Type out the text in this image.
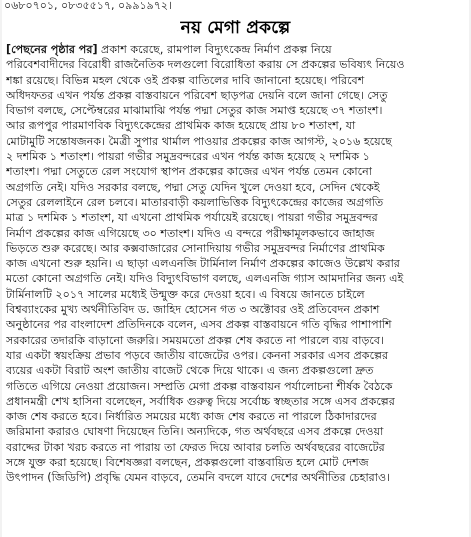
০৬৮০৭০১, ০৮৩৫৫১৭, ০৯৯১৯৭২।
নয় মেগা প্রকল্পে
[পেছনের পৃষ্ঠার পর] প্রকাশ করেছে, রামপাল বিদ্যুৎকেন্দ্র নির্মাণ প্রকল্প নিয়ে
পরিবেশবাদীদের বিরোধী রাজনৈতিক দলগুলো বিরোধিতা করায় সে প্রকল্পের ভবিষ্যৎ নিয়েও
শঙ্কা রয়েছে। বিভিন্ন মহল থেকে ওই প্রকল্প বাতিলের দাবি জানানো হয়েছে। পরিবেশ
অধিদফতর এখন পর্যন্ত প্রকল্প বাস্তবায়নে পরিবেশ ছাড়পত্র দেয়নি বলে জানা গেছে। সেতু
বিভাগ বলছে, সেপ্টেম্বরের মাঝামাঝি পর্যন্ত পদ্মা সেতুর কাজ সমাপ্ত হয়েছে ৩৭ শতাংশ।
আর রূপপুর পারমাণবিক বিদ্যুৎকেন্দ্রের প্রাথমিক কাজ হয়েছে প্রায় ৮০ শতাংশ, যা
মোটামুটি সন্তোষজনক। মৈত্রী সুপার থার্মাল পাওয়ার প্রকল্পের কাজ আগস্ট, ২০১৬ হয়েছে
২ দশমিক ১ শতাংশ। পায়রা গভীর সমুদ্রবন্দরের এখন পর্যন্ত কাজ হয়েছে ২ দশমিক ১
শতাংশ। পদ্মা সেতুতে রেল সংযোগ স্থাপন প্রকল্পের কাজের এখন পর্যন্ত তেমন কোনো
অগ্রগতি নেই। যদিও সরকার বলছে, পদ্মা সেতু যেদিন খুলে দেওয়া হবে, সেদিন থেকেই
সেতুর রেললাইনে রেল চলবে। মাতারবাড়ী কয়লাভিত্তিক বিদ্যুৎকেন্দ্রের কাজের অগ্রগতি
মাত্র ১ দশমিক ১ শতাংশ, যা এখনো প্রাথমিক পর্যায়েই রয়েছে। পায়রা গভীর সমুদ্রবন্দর
নির্মাণ প্রকল্পের কাজ এগিয়েছে ৩০ শতাংশ। যদিও এ বন্দরে পরীক্ষামূলকভাবে জাহাজ
ভিড়তে শুরু করেছে। আর কক্সবাজারের সোনাদিয়ায় গভীর সমুদ্রবন্দর নির্মাণের প্রাথমিক
কাজ এখনো শুরু হয়নি। এ ছাড়া এলএনজি টার্মিনাল নির্মাণ প্রকল্পের কাজেও উল্লেখ করার
মতো কোনো অগ্রগতি নেই। যদিও বিদ্যুৎবিভাগ বলছে, এলএনজি গ্যাস আমদানির জন্য এই
টার্মিনালটি ২০১৭ সালের মধ্যেই উন্মুক্ত করে দেওয়া হবে। এ বিষয়ে জানতে চাইলে
বিশ্বব্যাংকের মুখ্য অর্থনীতিবিদ ড. জাহিদ হোসেন গত ৩ অক্টোবর ওই প্রতিবেদন প্রকাশ
অনুষ্ঠানের পর বাংলাদেশ প্রতিদিনকে বলেন, এসব প্রকল্প বাস্তবায়নে গতি বৃদ্ধির পাশাপাশি
সরকারের তদারকি বাড়ানো জরুরি। সময়মতো প্রকল্প শেষ করতে না পারলে ব্যয় বাড়বে।
যার একটা স্বয়ংক্রিয় প্রভাব পড়বে জাতীয় বাজেটের ওপর। কেননা সরকার এসব প্রকল্পের
ব্যয়ের একটা বিরাট অংশ জাতীয় বাজেট থেকে দিয়ে থাকে। এ জন্য প্রকল্পগুলো দ্রুত
গতিতে এগিয়ে নেওয়া প্রয়োজন। সম্প্রতি মেগা প্রকল্প বাস্তবায়ন পর্যালোচনা শীর্ষক বৈঠকে
প্রধানমন্ত্রী শেখ হাসিনা বলেছেন, সর্বাধিক গুরুত্ব দিয়ে সর্বোচ্চ স্বচ্ছতার সঙ্গে এসব প্রকল্পের
কাজ শেষ করতে হবে। নির্ধারিত সময়ের মধ্যে কাজ শেষ করতে না পারলে ঠিকাদারদের
জরিমানা করারও ঘোষণা দিয়েছেন তিনি। অন্যদিকে, গত অর্থবছরে এসব প্রকল্পে দেওয়া
বরাদ্দের টাকা খরচ করতে না পারায় তা ফেরত দিয়ে আবার চলতি অর্থবছরের বাজেটের
সঙ্গে যুক্ত করা হয়েছে। বিশেষজ্ঞরা বলছেন, প্রকল্পগুলো বাস্তবায়িত হলে মোট দেশজ
উৎপাদন (জিডিপি) প্রবৃদ্ধি যেমন বাড়বে, তেমনি বদলে যাবে দেশের অর্থনীতির চেহারাও।
